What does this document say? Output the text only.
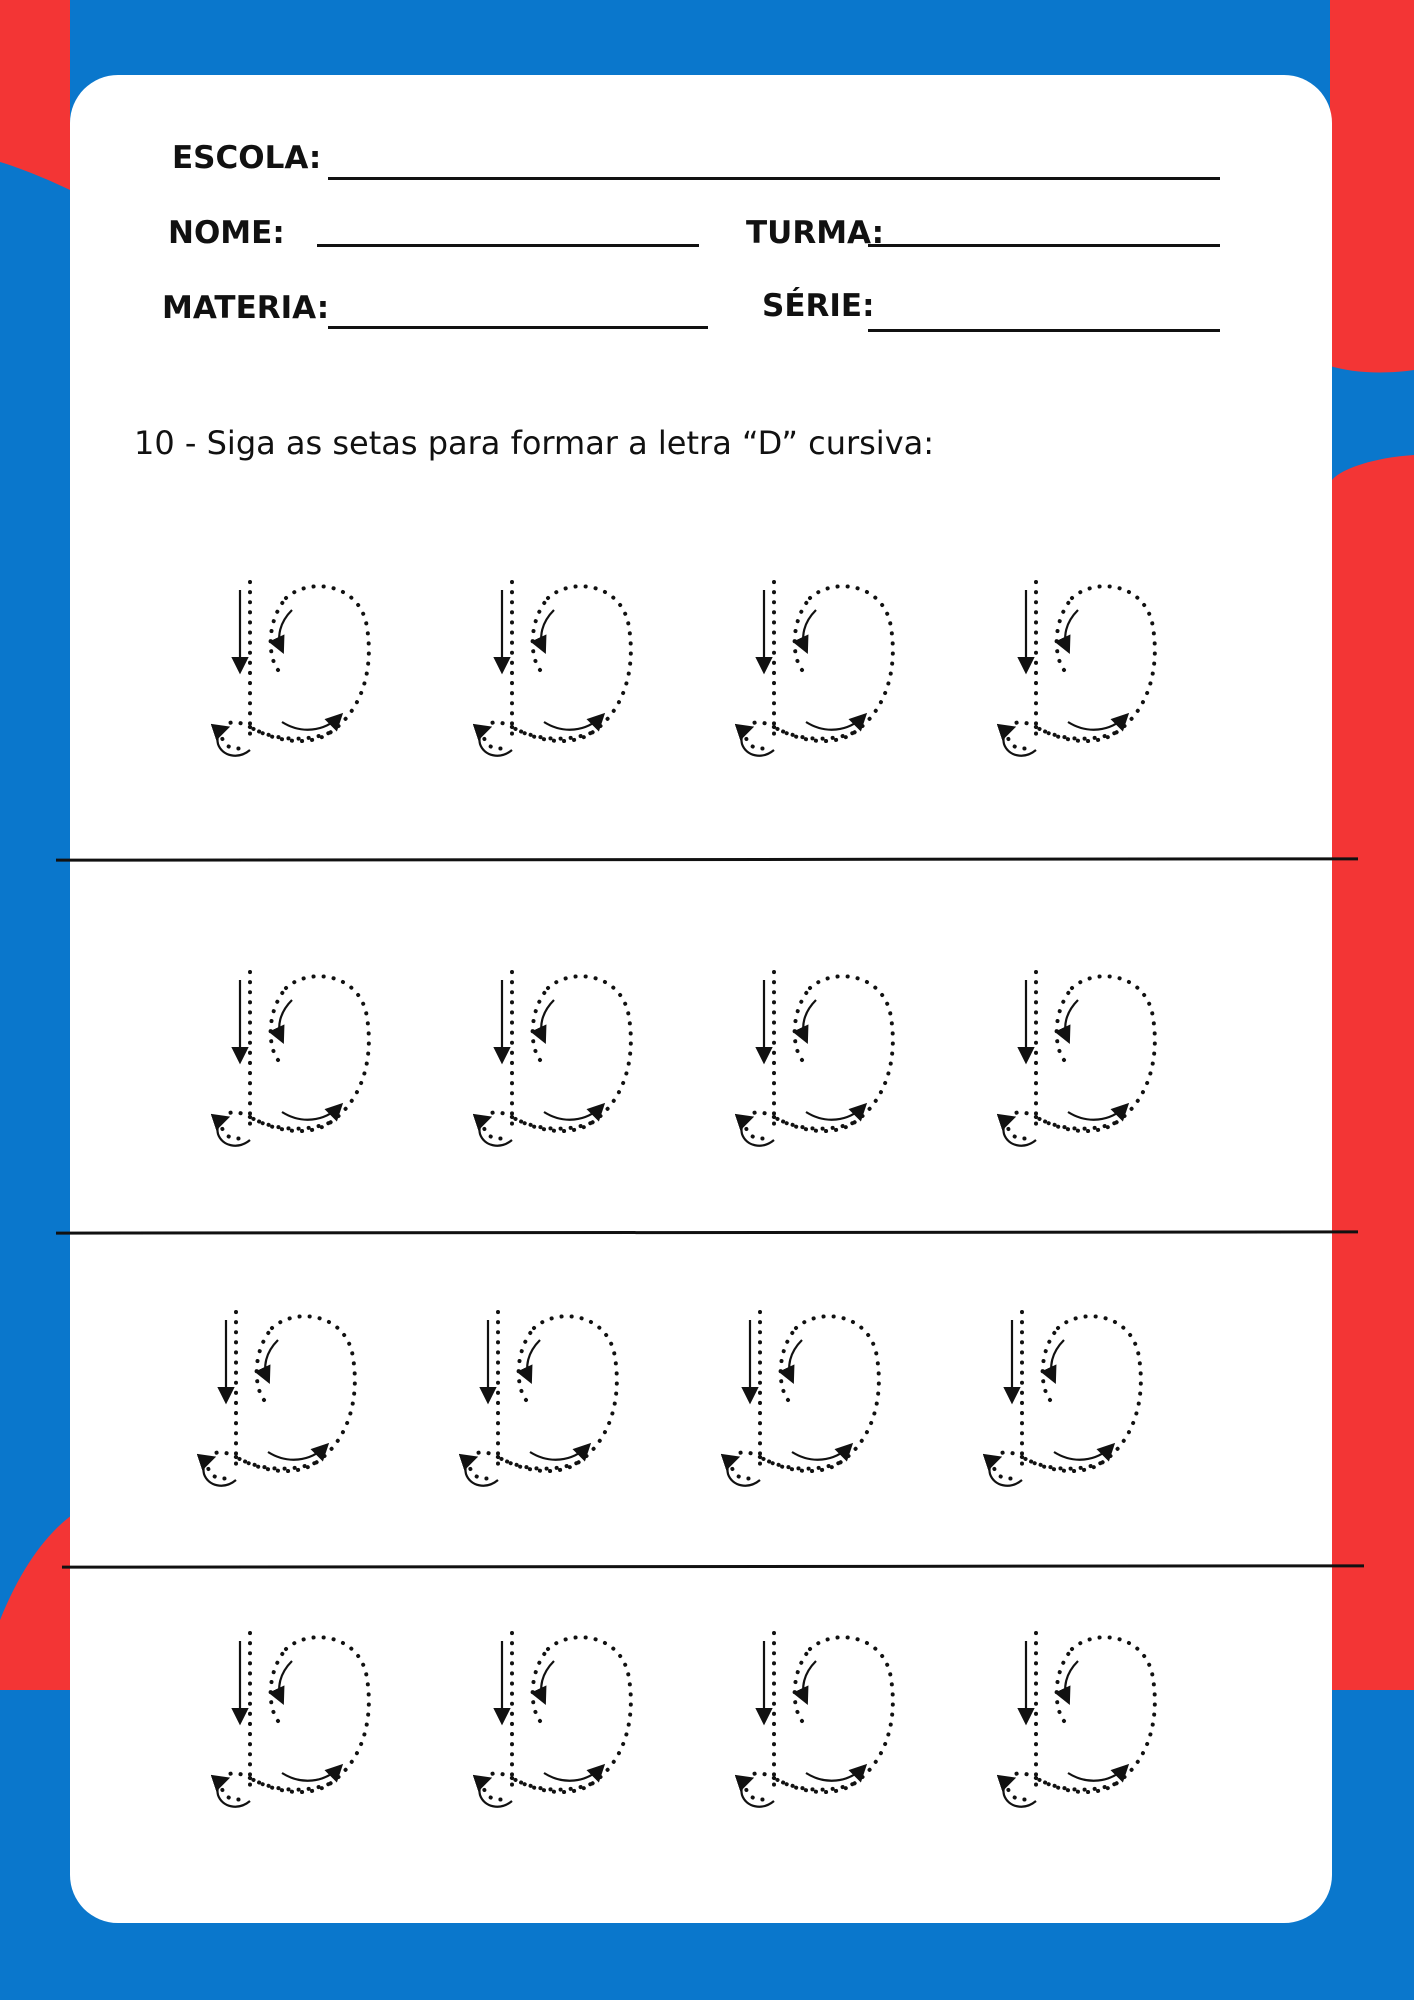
ESCOLA:
NOME:	TURMA:
MATERIA:	SÉRIE:
10 - Siga as setas para formar a letra “D” cursiva:
